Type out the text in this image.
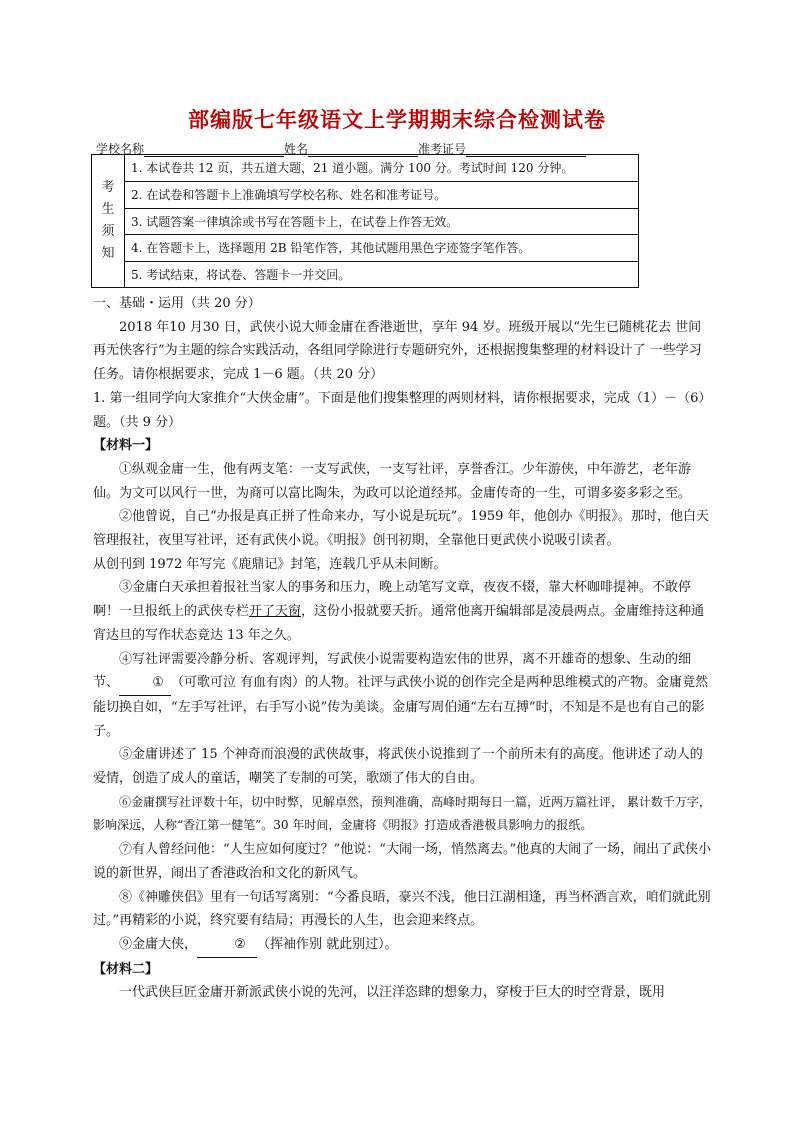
部编版七年级语文上学期期末综合检测试卷
学校名称	姓名	准考证号
考
生
须
知
1. 本试卷共 12 页，共五道大题，21 道小题。满分 100 分。考试时间 120 分钟。
2. 在试卷和答题卡上准确填写学校名称、姓名和准考证号。
3. 试题答案一律填涂或书写在答题卡上，在试卷上作答无效。
4. 在答题卡上，选择题用 2B 铅笔作答，其他试题用黑色字迹签字笔作答。
5. 考试结束，将试卷、答题卡一并交回。

一、基础・运用（共 20 分）

2018 年10 月30 日，武侠小说大师金庸在香港逝世，享年 94 岁。班级开展以“先生已随桃花去 世间再无侠客行”为主题的综合实践活动，各组同学除进行专题研究外，还根据搜集整理的材料设计了 一些学习任务。请你根据要求，完成 1－6 题。（共 20 分）

1. 第一组同学向大家推介“大侠金庸”。下面是他们搜集整理的两则材料，请你根据要求，完成（1）－（6）题。（共 9 分）

【材料一】

①纵观金庸一生，他有两支笔：一支写武侠，一支写社评，享誉香江。少年游侠，中年游艺，老年游仙。为文可以风行一世，为商可以富比陶朱，为政可以论道经邦。金庸传奇的一生，可谓多姿多彩之至。

②他曾说，自己“办报是真正拼了性命来办，写小说是玩玩”。1959 年，他创办《明报》。那时，他白天管理报社，夜里写社评，还有武侠小说。《明报》创刊初期，全靠他日更武侠小说吸引读者。

从创刊到 1972 年写完《鹿鼎记》封笔，连载几乎从未间断。

③金庸白天承担着报社当家人的事务和压力，晚上动笔写文章，夜夜不辍，靠大杯咖啡提神。不敢停啊！一旦报纸上的武侠专栏开了天窗，这份小报就要夭折。通常他离开编辑部是凌晨两点。金庸维持这种通宵达旦的写作状态竟达 13 年之久。

④写社评需要冷静分析、客观评判，写武侠小说需要构造宏伟的世界，离不开雄奇的想象、生动的细节、	① （可歌可泣 有血有肉）的人物。社评与武侠小说的创作完全是两种思维模式的产物。金庸竟然能切换自如，“左手写社评，右手写小说”传为美谈。金庸写周伯通“左右互搏”时，不知是不是也有自己的影子。

⑤金庸讲述了 15 个神奇而浪漫的武侠故事，将武侠小说推到了一个前所未有的高度。他讲述了动人的爱情，创造了成人的童话，嘲笑了专制的可笑，歌颂了伟大的自由。

⑥金庸撰写社评数十年，切中时弊，见解卓然，预判准确，高峰时期每日一篇，近两万篇社评， 累计数千万字，影响深远，人称“香江第一健笔”。30 年时间，金庸将《明报》打造成香港极具影响力的报纸。

⑦有人曾经问他：“人生应如何度过？”他说：“大闹一场，悄然离去。”他真的大闹了一场，闹出了武侠小说的新世界，闹出了香港政治和文化的新风气。

⑧《神雕侠侣》里有一句话写离别：“今番良晤，豪兴不浅，他日江湖相逢，再当杯酒言欢，咱们就此别过。”再精彩的小说，终究要有结局；再漫长的人生，也会迎来终点。

⑨金庸大侠，	② （挥袖作别 就此别过）。

【材料二】

一代武侠巨匠金庸开新派武侠小说的先河，以汪洋恣肆的想象力，穿梭于巨大的时空背景，既用
